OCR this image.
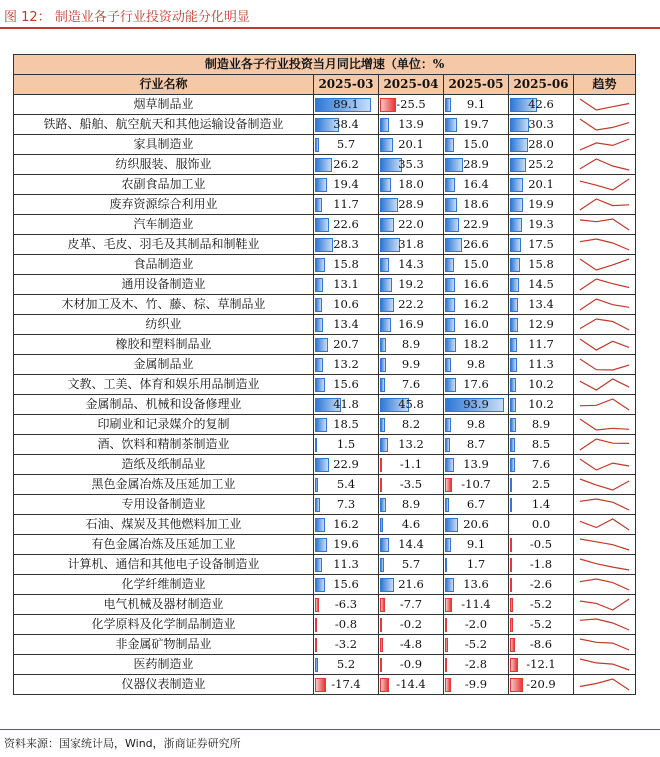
图 12： 制造业各子行业投资动能分化明显
制造业各子行业投资当月同比增速（单位：%					
行业名称	2025-03	2025-04	2025-05	2025-06	趋势
烟草制品业	89.1	-25.5	9.1	42.6

铁路、船舶、航空航天和其他运输设备制造业	38.4	13.9	19.7	30.3

家具制造业	5.7	20.1	15.0	28.0

纺织服装、服饰业	26.2	35.3	28.9	25.2

农副食品加工业	19.4	18.0	16.4	20.1

废弃资源综合利用业	11.7	28.9	18.6	19.9

汽车制造业	22.6	22.0	22.9	19.3

皮革、毛皮、羽毛及其制品和制鞋业	28.3	31.8	26.6	17.5

食品制造业	15.8	14.3	15.0	15.8

通用设备制造业	13.1	19.2	16.6	14.5

木材加工及木、竹、藤、棕、草制品业	10.6	22.2	16.2	13.4

纺织业	13.4	16.9	16.0	12.9

橡胶和塑料制品业	20.7	8.9	18.2	11.7

金属制品业	13.2	9.9	9.8	11.3

文教、工美、体育和娱乐用品制造业	15.6	7.6	17.6	10.2

金属制品、机械和设备修理业	41.8	45.8	93.9	10.2

印刷业和记录媒介的复制	18.5	8.2	9.8	8.9

酒、饮料和精制茶制造业	1.5	13.2	8.7	8.5

造纸及纸制品业	22.9	-1.1	13.9	7.6

黑色金属冶炼及压延加工业	5.4	-3.5	-10.7	2.5

专用设备制造业	7.3	8.9	6.7	1.4

石油、煤炭及其他燃料加工业	16.2	4.6	20.6	0.0

有色金属冶炼及压延加工业	19.6	14.4	9.1	-0.5

计算机、通信和其他电子设备制造业	11.3	5.7	1.7	-1.8

化学纤维制造业	15.6	21.6	13.6	-2.6

电气机械及器材制造业	-6.3	-7.7	-11.4	-5.2

化学原料及化学制品制造业	-0.8	-0.2	-2.0	-5.2

非金属矿物制品业	-3.2	-4.8	-5.2	-8.6

医药制造业	5.2	-0.9	-2.8	-12.1

仪器仪表制造业	-17.4	-14.4	-9.9	-20.9

资料来源：国家统计局，Wind，浙商证券研究所
